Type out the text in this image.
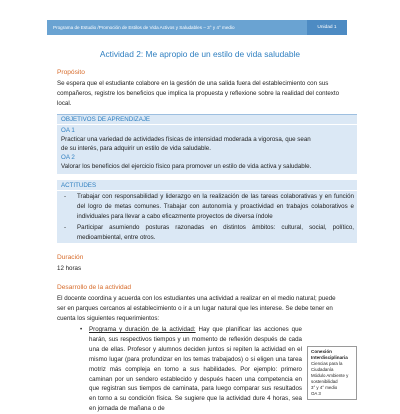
Programa de Estudio /Promoción de Estilos de Vida Activos y Saludables – 3° y 4° medio	Unidad 1
Actividad 2: Me apropio de un estilo de vida saludable
Propósito
Se espera que el estudiante colabore en la gestión de una salida fuera del establecimiento con sus
compañeros, registre los beneficios que implica la propuesta y reflexione sobre la realidad del contexto
local.
OBJETIVOS DE APRENDIZAJE
OA 1
Practicar una variedad de actividades físicas de intensidad moderada a vigorosa, que sean
de su interés, para adquirir un estilo de vida saludable.
OA 2
Valorar los beneficios del ejercicio físico para promover un estilo de vida activa y saludable.
ACTITUDES
- Trabajar con responsabilidad y liderazgo en la realización de las tareas colaborativas y en función del logro de metas comunes. Trabajar con autonomía y proactividad en trabajos colaborativos e individuales para llevar a cabo eficazmente proyectos de diversa índole
- Participar asumiendo posturas razonadas en distintos ámbitos: cultural, social, político, medioambiental, entre otros.
Duración
12 horas
Desarrollo de la actividad
El docente coordina y acuerda con los estudiantes una actividad a realizar en el medio natural; puede
ser en parques cercanos al establecimiento o ir a un lugar natural que les interese. Se debe tener en
cuenta los siguientes requerimientos:
• Programa y duración de la actividad: Hay que planificar las acciones que harán, sus respectivos tiempos y un momento de reflexión después de cada una de ellas. Profesor y alumnos deciden juntos si repiten la actividad en el mismo lugar (para profundizar en los temas trabajados) o si eligen una tarea motriz más compleja en torno a sus habilidades. Por ejemplo: primero caminan por un sendero establecido y después hacen una competencia en que registran sus tiempos de caminata, para luego comparar sus resultados en torno a su condición física. Se sugiere que la actividad dure 4 horas, sea en jornada de mañana o de
Conexión Interdisciplinaria
Ciencias para la Ciudadanía
Módulo Ambiente y
sostenibilidad
3° y 4° medio
OA 3
